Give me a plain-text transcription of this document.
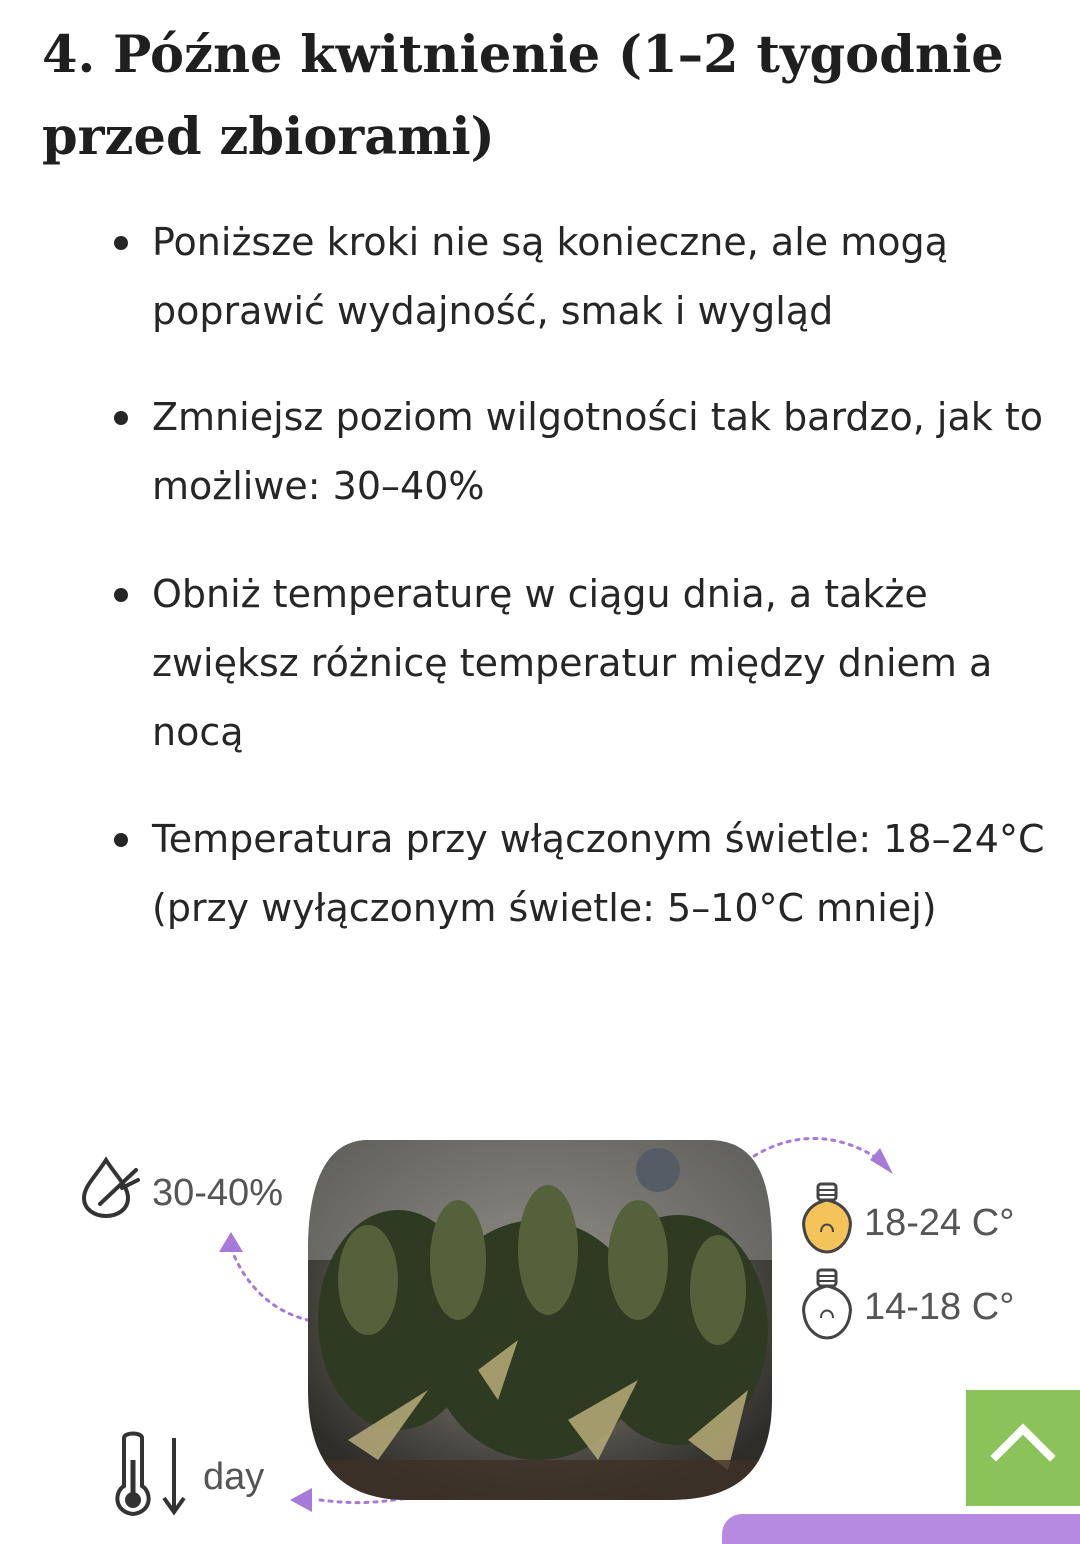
4. Późne kwitnienie (1–2 tygodnie przed zbiorami)
Poniższe kroki nie są konieczne, ale mogą poprawić wydajność, smak i wygląd
Zmniejsz poziom wilgotności tak bardzo, jak to możliwe: 30–40%
Obniż temperaturę w ciągu dnia, a także zwiększ różnicę temperatur między dniem a nocą
Temperatura przy włączonym świetle: 18–24°C (przy wyłączonym świetle: 5–10°C mniej)
30-40%
18-24 C°
14-18 C°
day
